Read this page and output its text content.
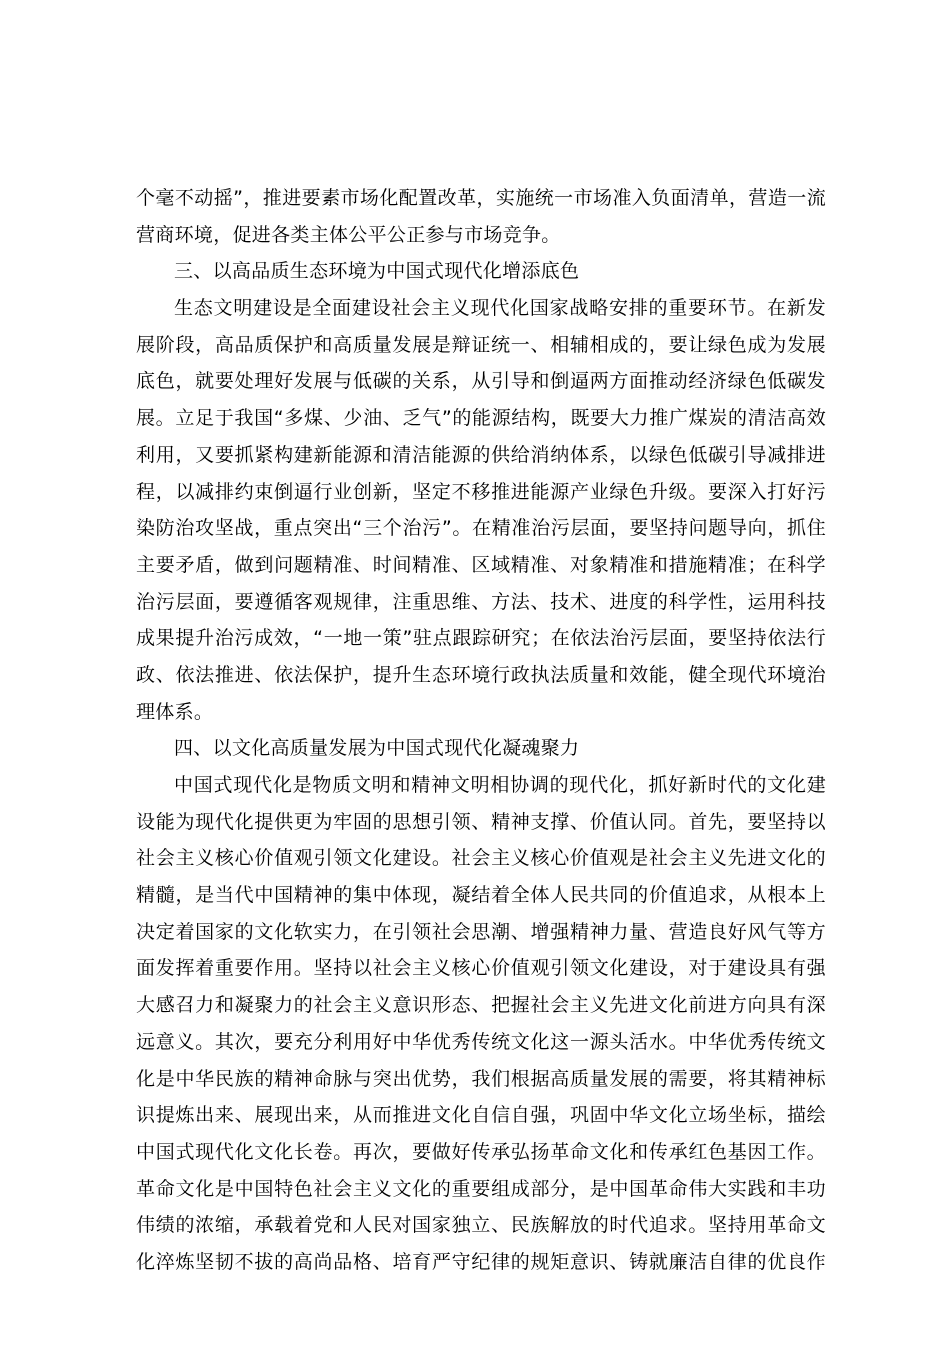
个毫不动摇”，推进要素市场化配置改革，实施统一市场准入负面清单，营造一流
营商环境，促进各类主体公平公正参与市场竞争。
三、以高品质生态环境为中国式现代化增添底色
生态文明建设是全面建设社会主义现代化国家战略安排的重要环节。在新发
展阶段，高品质保护和高质量发展是辩证统一、相辅相成的，要让绿色成为发展
底色，就要处理好发展与低碳的关系，从引导和倒逼两方面推动经济绿色低碳发
展。立足于我国“多煤、少油、乏气”的能源结构，既要大力推广煤炭的清洁高效
利用，又要抓紧构建新能源和清洁能源的供给消纳体系，以绿色低碳引导减排进
程，以减排约束倒逼行业创新，坚定不移推进能源产业绿色升级。要深入打好污
染防治攻坚战，重点突出“三个治污”。在精准治污层面，要坚持问题导向，抓住
主要矛盾，做到问题精准、时间精准、区域精准、对象精准和措施精准；在科学
治污层面，要遵循客观规律，注重思维、方法、技术、进度的科学性，运用科技
成果提升治污成效，“一地一策”驻点跟踪研究；在依法治污层面，要坚持依法行
政、依法推进、依法保护，提升生态环境行政执法质量和效能，健全现代环境治
理体系。
四、以文化高质量发展为中国式现代化凝魂聚力
中国式现代化是物质文明和精神文明相协调的现代化，抓好新时代的文化建
设能为现代化提供更为牢固的思想引领、精神支撑、价值认同。首先，要坚持以
社会主义核心价值观引领文化建设。社会主义核心价值观是社会主义先进文化的
精髓，是当代中国精神的集中体现，凝结着全体人民共同的价值追求，从根本上
决定着国家的文化软实力，在引领社会思潮、增强精神力量、营造良好风气等方
面发挥着重要作用。坚持以社会主义核心价值观引领文化建设，对于建设具有强
大感召力和凝聚力的社会主义意识形态、把握社会主义先进文化前进方向具有深
远意义。其次，要充分利用好中华优秀传统文化这一源头活水。中华优秀传统文
化是中华民族的精神命脉与突出优势，我们根据高质量发展的需要，将其精神标
识提炼出来、展现出来，从而推进文化自信自强，巩固中华文化立场坐标，描绘
中国式现代化文化长卷。再次，要做好传承弘扬革命文化和传承红色基因工作。
革命文化是中国特色社会主义文化的重要组成部分，是中国革命伟大实践和丰功
伟绩的浓缩，承载着党和人民对国家独立、民族解放的时代追求。坚持用革命文
化淬炼坚韧不拔的高尚品格、培育严守纪律的规矩意识、铸就廉洁自律的优良作
